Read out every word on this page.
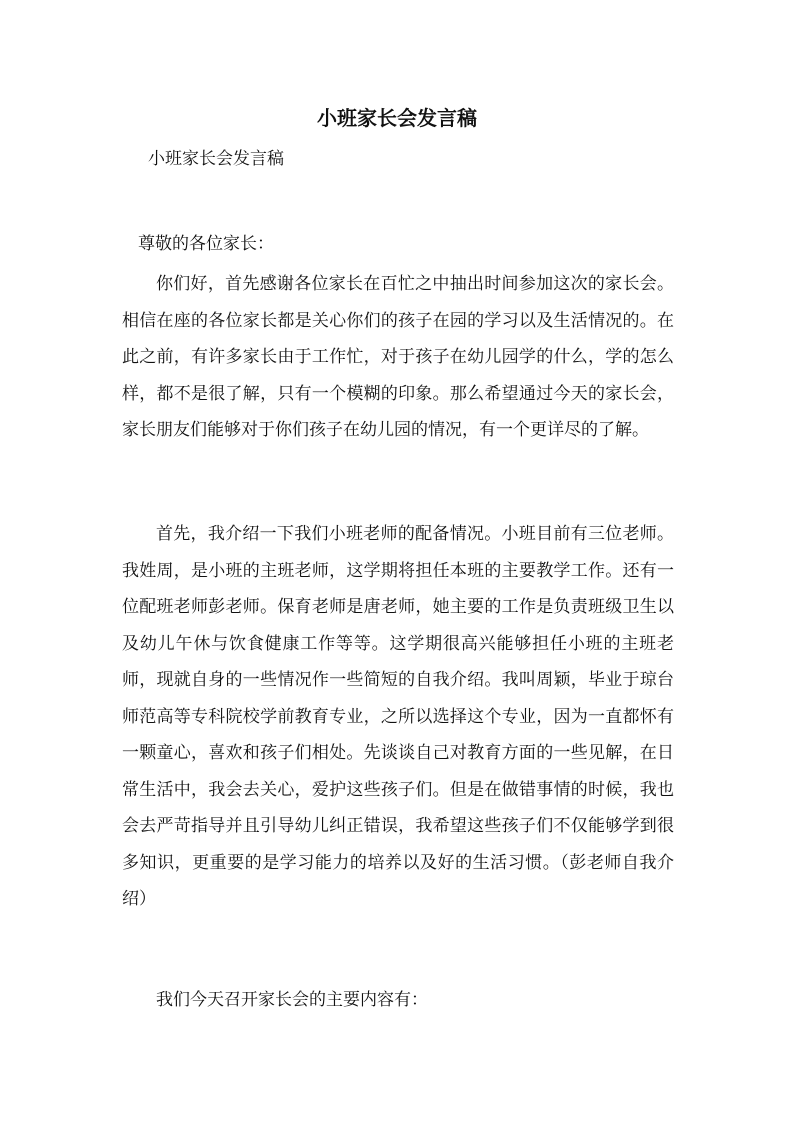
小班家长会发言稿
小班家长会发言稿
尊敬的各位家长：

你们好，首先感谢各位家长在百忙之中抽出时间参加这次的家长会。相信在座的各位家长都是关心你们的孩子在园的学习以及生活情况的。在此之前，有许多家长由于工作忙，对于孩子在幼儿园学的什么，学的怎么样，都不是很了解，只有一个模糊的印象。那么希望通过今天的家长会，家长朋友们能够对于你们孩子在幼儿园的情况，有一个更详尽的了解。

首先，我介绍一下我们小班老师的配备情况。小班目前有三位老师。我姓周，是小班的主班老师，这学期将担任本班的主要教学工作。还有一位配班老师彭老师。保育老师是唐老师，她主要的工作是负责班级卫生以及幼儿午休与饮食健康工作等等。这学期很高兴能够担任小班的主班老师，现就自身的一些情况作一些简短的自我介绍。我叫周颖，毕业于琼台师范高等专科院校学前教育专业，之所以选择这个专业，因为一直都怀有一颗童心，喜欢和孩子们相处。先谈谈自己对教育方面的一些见解，在日常生活中，我会去关心，爱护这些孩子们。但是在做错事情的时候，我也会去严苛指导并且引导幼儿纠正错误，我希望这些孩子们不仅能够学到很多知识，更重要的是学习能力的培养以及好的生活习惯。（彭老师自我介绍）

我们今天召开家长会的主要内容有：
